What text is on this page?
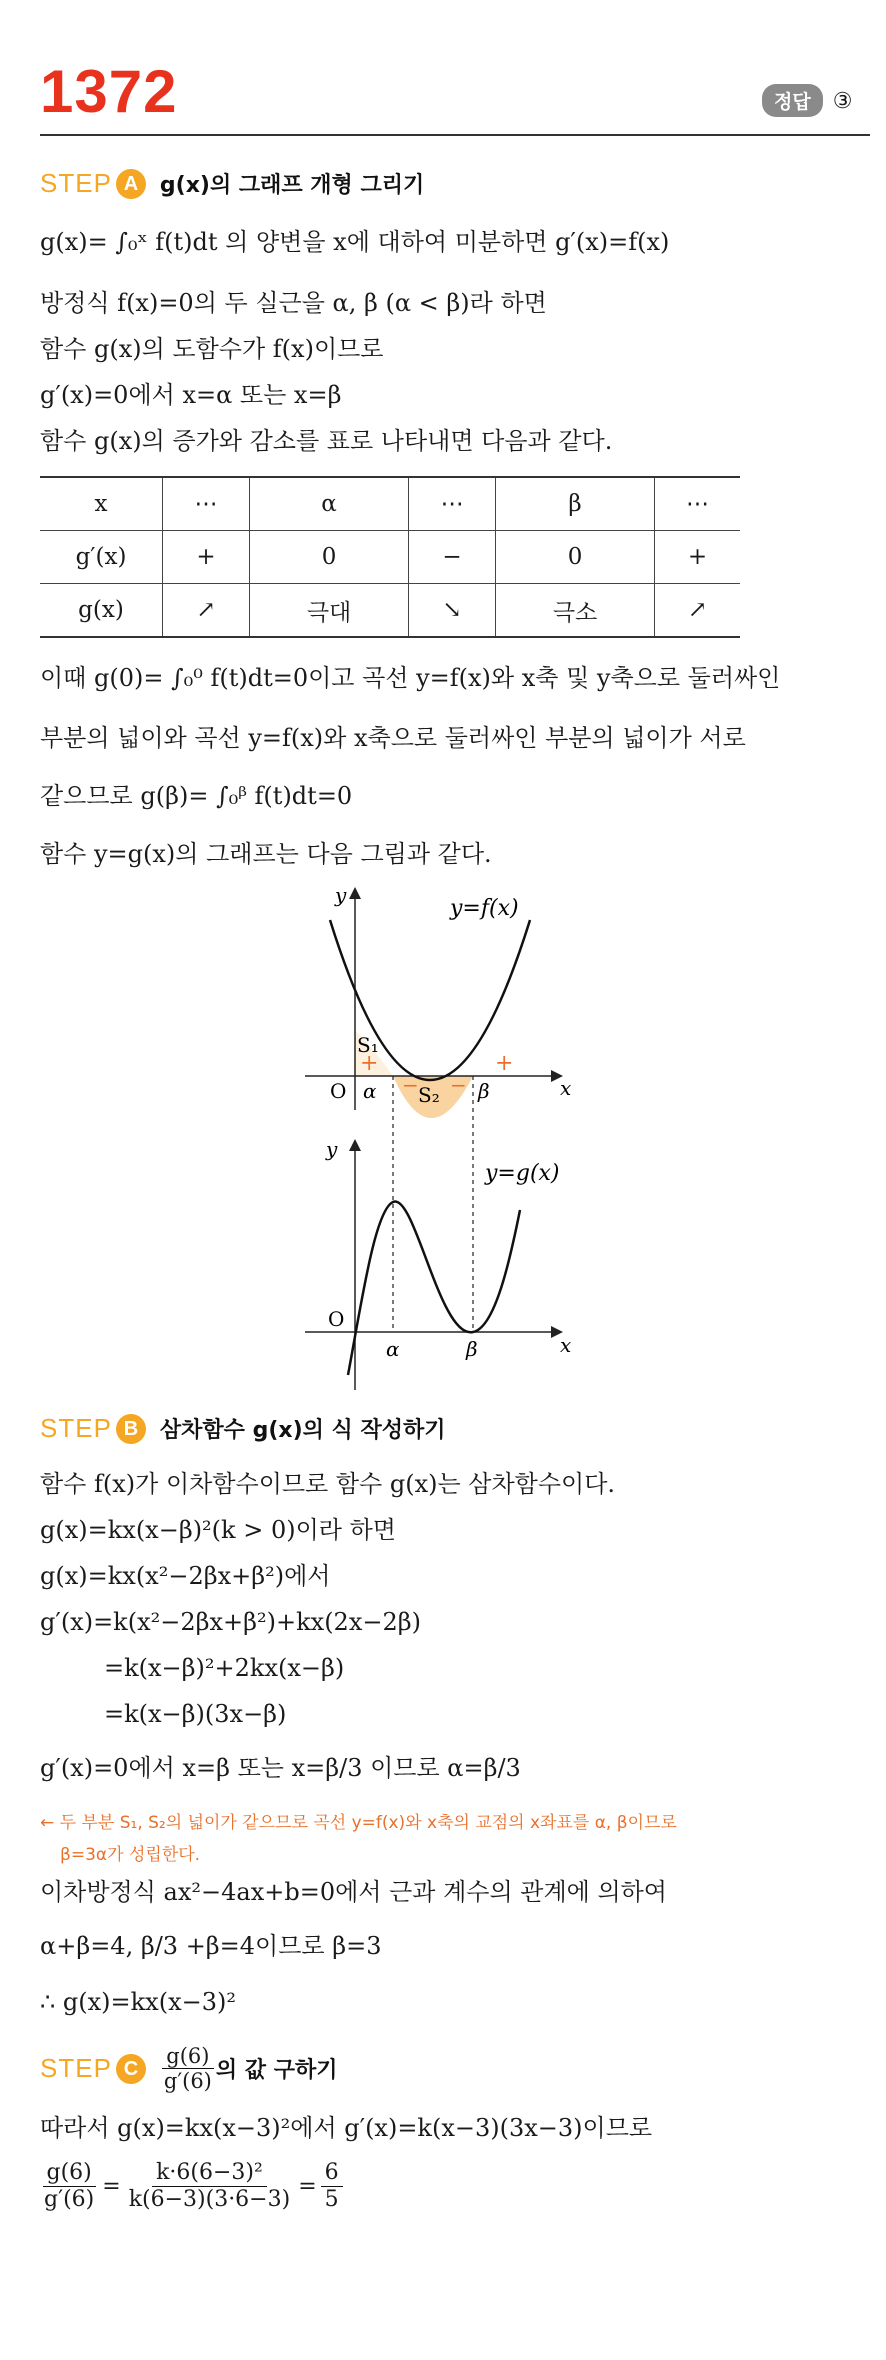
1372	정답	③
STEP A g(x)의 그래프 개형 그리기
g(x)= ∫₀ˣ f(t)dt 의 양변을 x에 대하여 미분하면 g′(x)=f(x)
방정식 f(x)=0의 두 실근을 α, β (α < β)라 하면
함수 g(x)의 도함수가 f(x)이므로
g′(x)=0에서 x=α 또는 x=β
함수 g(x)의 증가와 감소를 표로 나타내면 다음과 같다.
x	⋯	α	⋯	β	⋯
g′(x)	+	0	−	0	+
g(x)	↗	극대	↘	극소	↗
이때 g(0)= ∫₀⁰ f(t)dt=0이고 곡선 y=f(x)와 x축 및 y축으로 둘러싸인
부분의 넓이와 곡선 y=f(x)와 x축으로 둘러싸인 부분의 넓이가 서로
같으므로 g(β)= ∫₀ᵝ f(t)dt=0
함수 y=g(x)의 그래프는 다음 그림과 같다.
y
x
O α	β
y=f(x)
S₁
S₂
+	+
− −
y
x
O
α	β
y=g(x)
STEP B 삼차함수 g(x)의 식 작성하기
함수 f(x)가 이차함수이므로 함수 g(x)는 삼차함수이다.
g(x)=kx(x−β)²(k > 0)이라 하면
g(x)=kx(x²−2βx+β²)에서
g′(x)=k(x²−2βx+β²)+kx(2x−2β)
=k(x−β)²+2kx(x−β)
=k(x−β)(3x−β)
g′(x)=0에서 x=β 또는 x=β/3 이므로 α=β/3
← 두 부분 S₁, S₂의 넓이가 같으므로 곡선 y=f(x)와 x축의 교점의 x좌표를 α, β이므로
β=3α가 성립한다.
이차방정식 ax²−4ax+b=0에서 근과 계수의 관계에 의하여
α+β=4, β/3 +β=4이므로 β=3
∴ g(x)=kx(x−3)²
STEP C	$\frac{g(6)}{g'(6)}$ 의 값 구하기
따라서 g(x)=kx(x−3)²에서 g′(x)=k(x−3)(3x−3)이므로
$\frac{g(6)}{g'(6)} = \frac{\text{k·6(6−3)²}}{k(6-3)(3\cdot 6-3)} = \frac{6}{5}$
